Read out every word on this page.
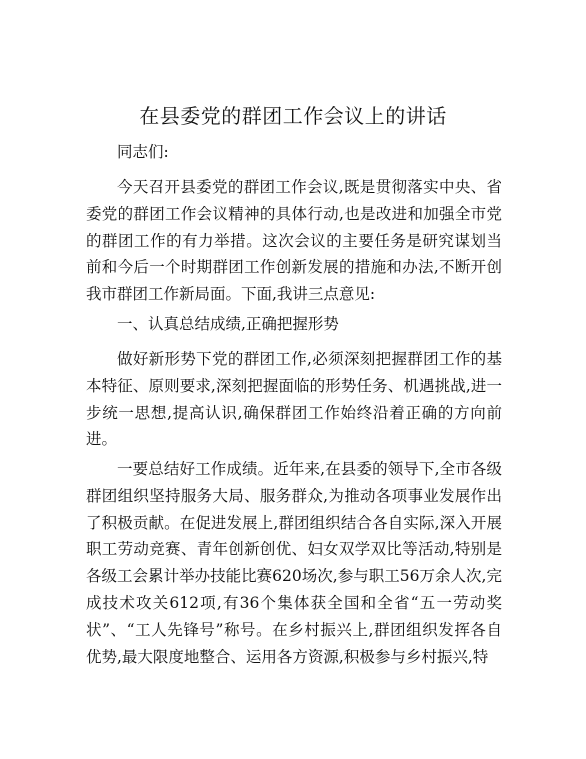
在县委党的群团工作会议上的讲话

同志们:

今天召开县委党的群团工作会议,既是贯彻落实中央、省委党的群团工作会议精神的具体行动,也是改进和加强全市党的群团工作的有力举措。这次会议的主要任务是研究谋划当前和今后一个时期群团工作创新发展的措施和办法,不断开创我市群团工作新局面。下面,我讲三点意见:

一、认真总结成绩,正确把握形势

做好新形势下党的群团工作,必须深刻把握群团工作的基本特征、原则要求,深刻把握面临的形势任务、机遇挑战,进一步统一思想,提高认识,确保群团工作始终沿着正确的方向前进。

一要总结好工作成绩。近年来,在县委的领导下,全市各级群团组织坚持服务大局、服务群众,为推动各项事业发展作出了积极贡献。在促进发展上,群团组织结合各自实际,深入开展职工劳动竞赛、青年创新创优、妇女双学双比等活动,特别是各级工会累计举办技能比赛620场次,参与职工56万余人次,完成技术攻关612项,有36个集体获全国和全省“五一劳动奖状”、“工人先锋号”称号。在乡村振兴上,群团组织发挥各自优势,最大限度地整合、运用各方资源,积极参与乡村振兴,特
